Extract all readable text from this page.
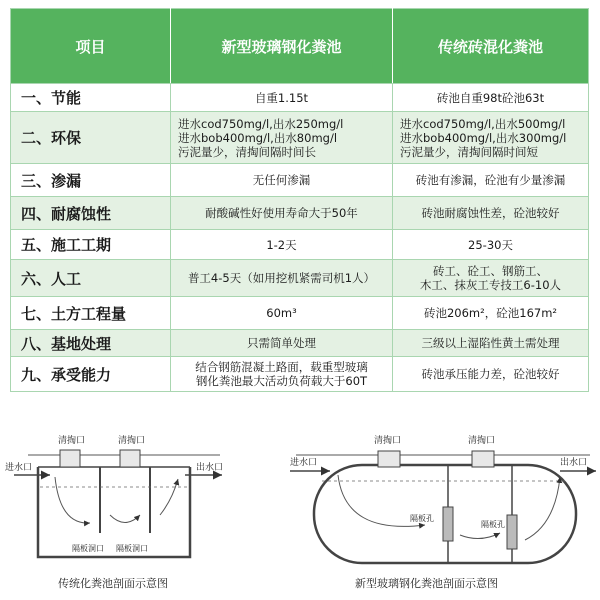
项目	新型玻璃钢化粪池	传统砖混化粪池
一、节能	自重1.15t	砖池自重98t砼池63t

二、环保	进水cod750mg/l,出水250mg/l
进水bob400mg/l,出水80mg/l
污泥量少，清掏间隔时间长	进水cod750mg/l,出水500mg/l
进水bob400mg/l,出水300mg/l
污泥量少，清掏间隔时间短

三、渗漏	无任何渗漏	砖池有渗漏，砼池有少量渗漏

四、耐腐蚀性	耐酸碱性好使用寿命大于50年	砖池耐腐蚀性差，砼池较好

五、施工工期	1-2天	25-30天

六、人工	普工4-5天（如用挖机紧需司机1人）	砖工、砼工、钢筋工、
木工、抹灰工专技工6-10人

七、土方工程量	60m³	砖池206m²，砼池167m²

八、基地处理	只需简单处理	三级以上湿陷性黄土需处理

九、承受能力	结合钢筋混凝土路面，载重型玻璃
钢化粪池最大活动负荷载大于60T	砖池承压能力差，砼池较好
进水口	出水口
清掏口	清掏口
隔板洞口 隔板洞口
进水口	出水口
清掏口	清掏口
隔板孔
隔板孔
传统化粪池剖面示意图	新型玻璃钢化粪池剖面示意图
